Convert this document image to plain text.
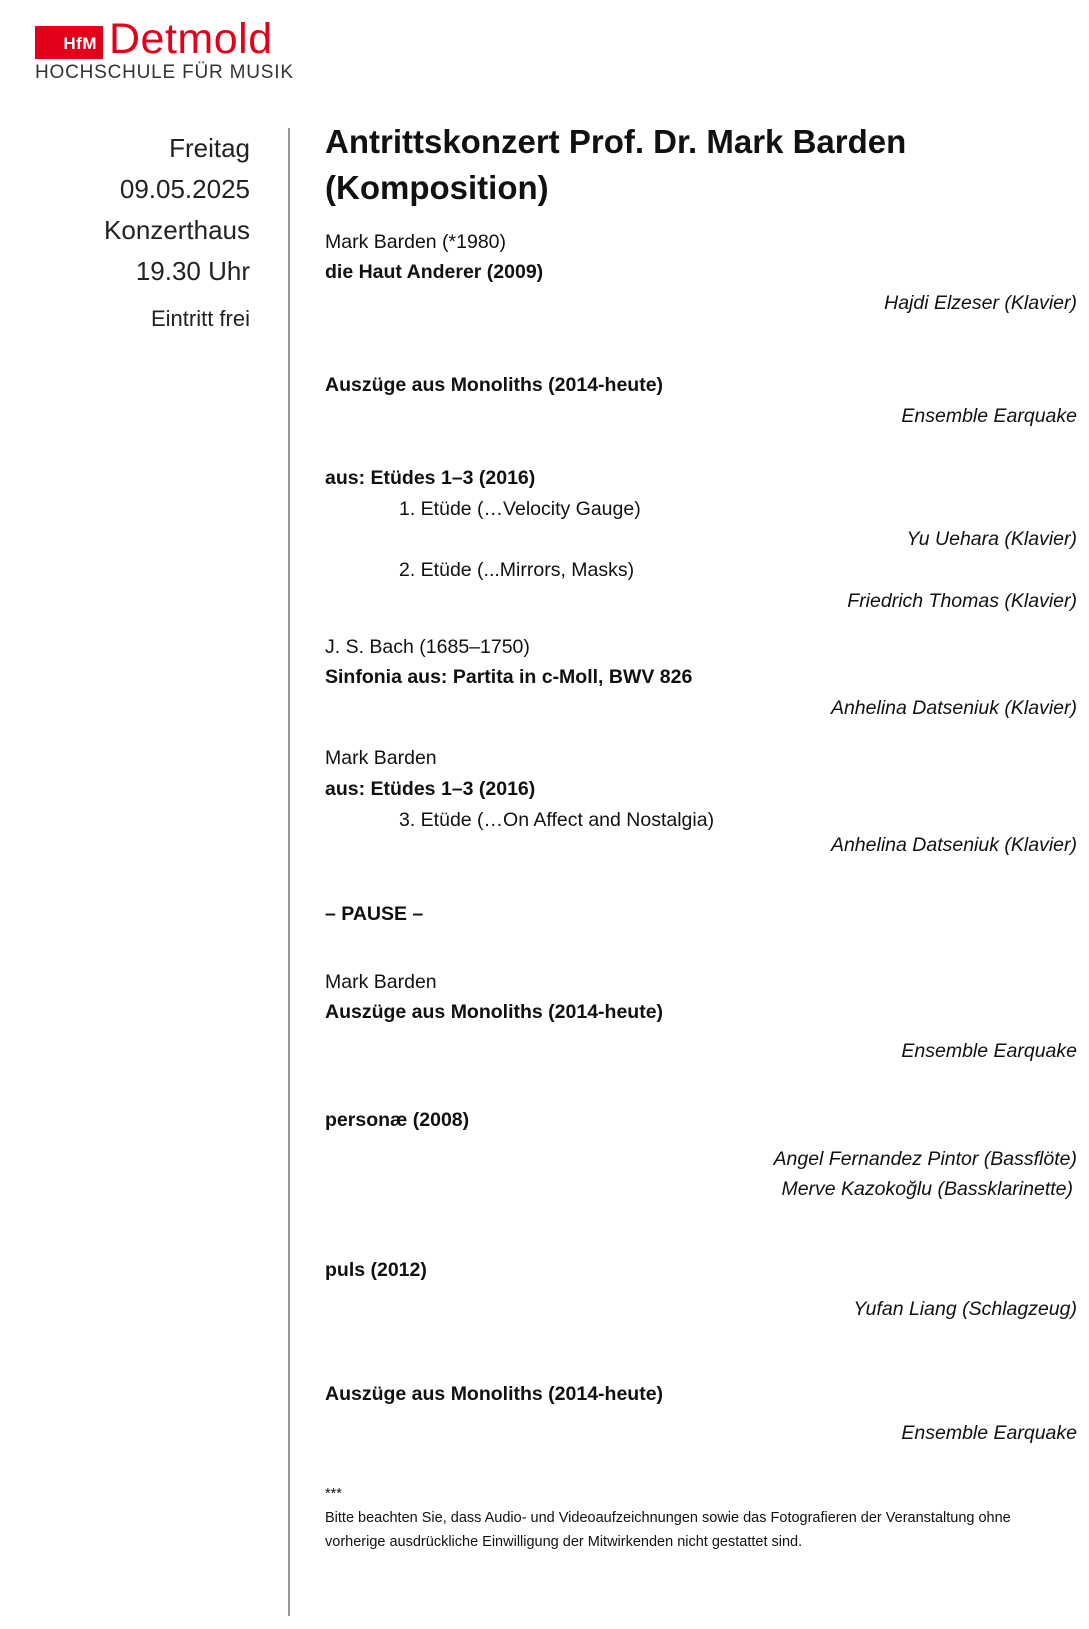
HfM Detmold
HOCHSCHULE FÜR MUSIK
Freitag
09.05.2025
Konzerthaus
19.30 Uhr
Eintritt frei
Antrittskonzert Prof. Dr. Mark Barden
(Komposition)
Mark Barden (*1980)
die Haut Anderer (2009)
Hajdi Elzeser (Klavier)
Auszüge aus Monoliths (2014-heute)
Ensemble Earquake
aus: Etüdes 1–3 (2016)
1. Etüde (…Velocity Gauge)
Yu Uehara (Klavier)
2. Etüde (...Mirrors, Masks)
Friedrich Thomas (Klavier)
J. S. Bach (1685–1750)
Sinfonia aus: Partita in c-Moll, BWV 826
Anhelina Datseniuk (Klavier)
Mark Barden
aus: Etüdes 1–3 (2016)
3. Etüde (…On Affect and Nostalgia)
Anhelina Datseniuk (Klavier)
– PAUSE –
Mark Barden
Auszüge aus Monoliths (2014-heute)
Ensemble Earquake
personæ (2008)
Angel Fernandez Pintor (Bassflöte)
Merve Kazokoğlu (Bassklarinette)
puls (2012)
Yufan Liang (Schlagzeug)
Auszüge aus Monoliths (2014-heute)
Ensemble Earquake
***
Bitte beachten Sie, dass Audio- und Videoaufzeichnungen sowie das Fotografieren der Veranstaltung ohne
vorherige ausdrückliche Einwilligung der Mitwirkenden nicht gestattet sind.
